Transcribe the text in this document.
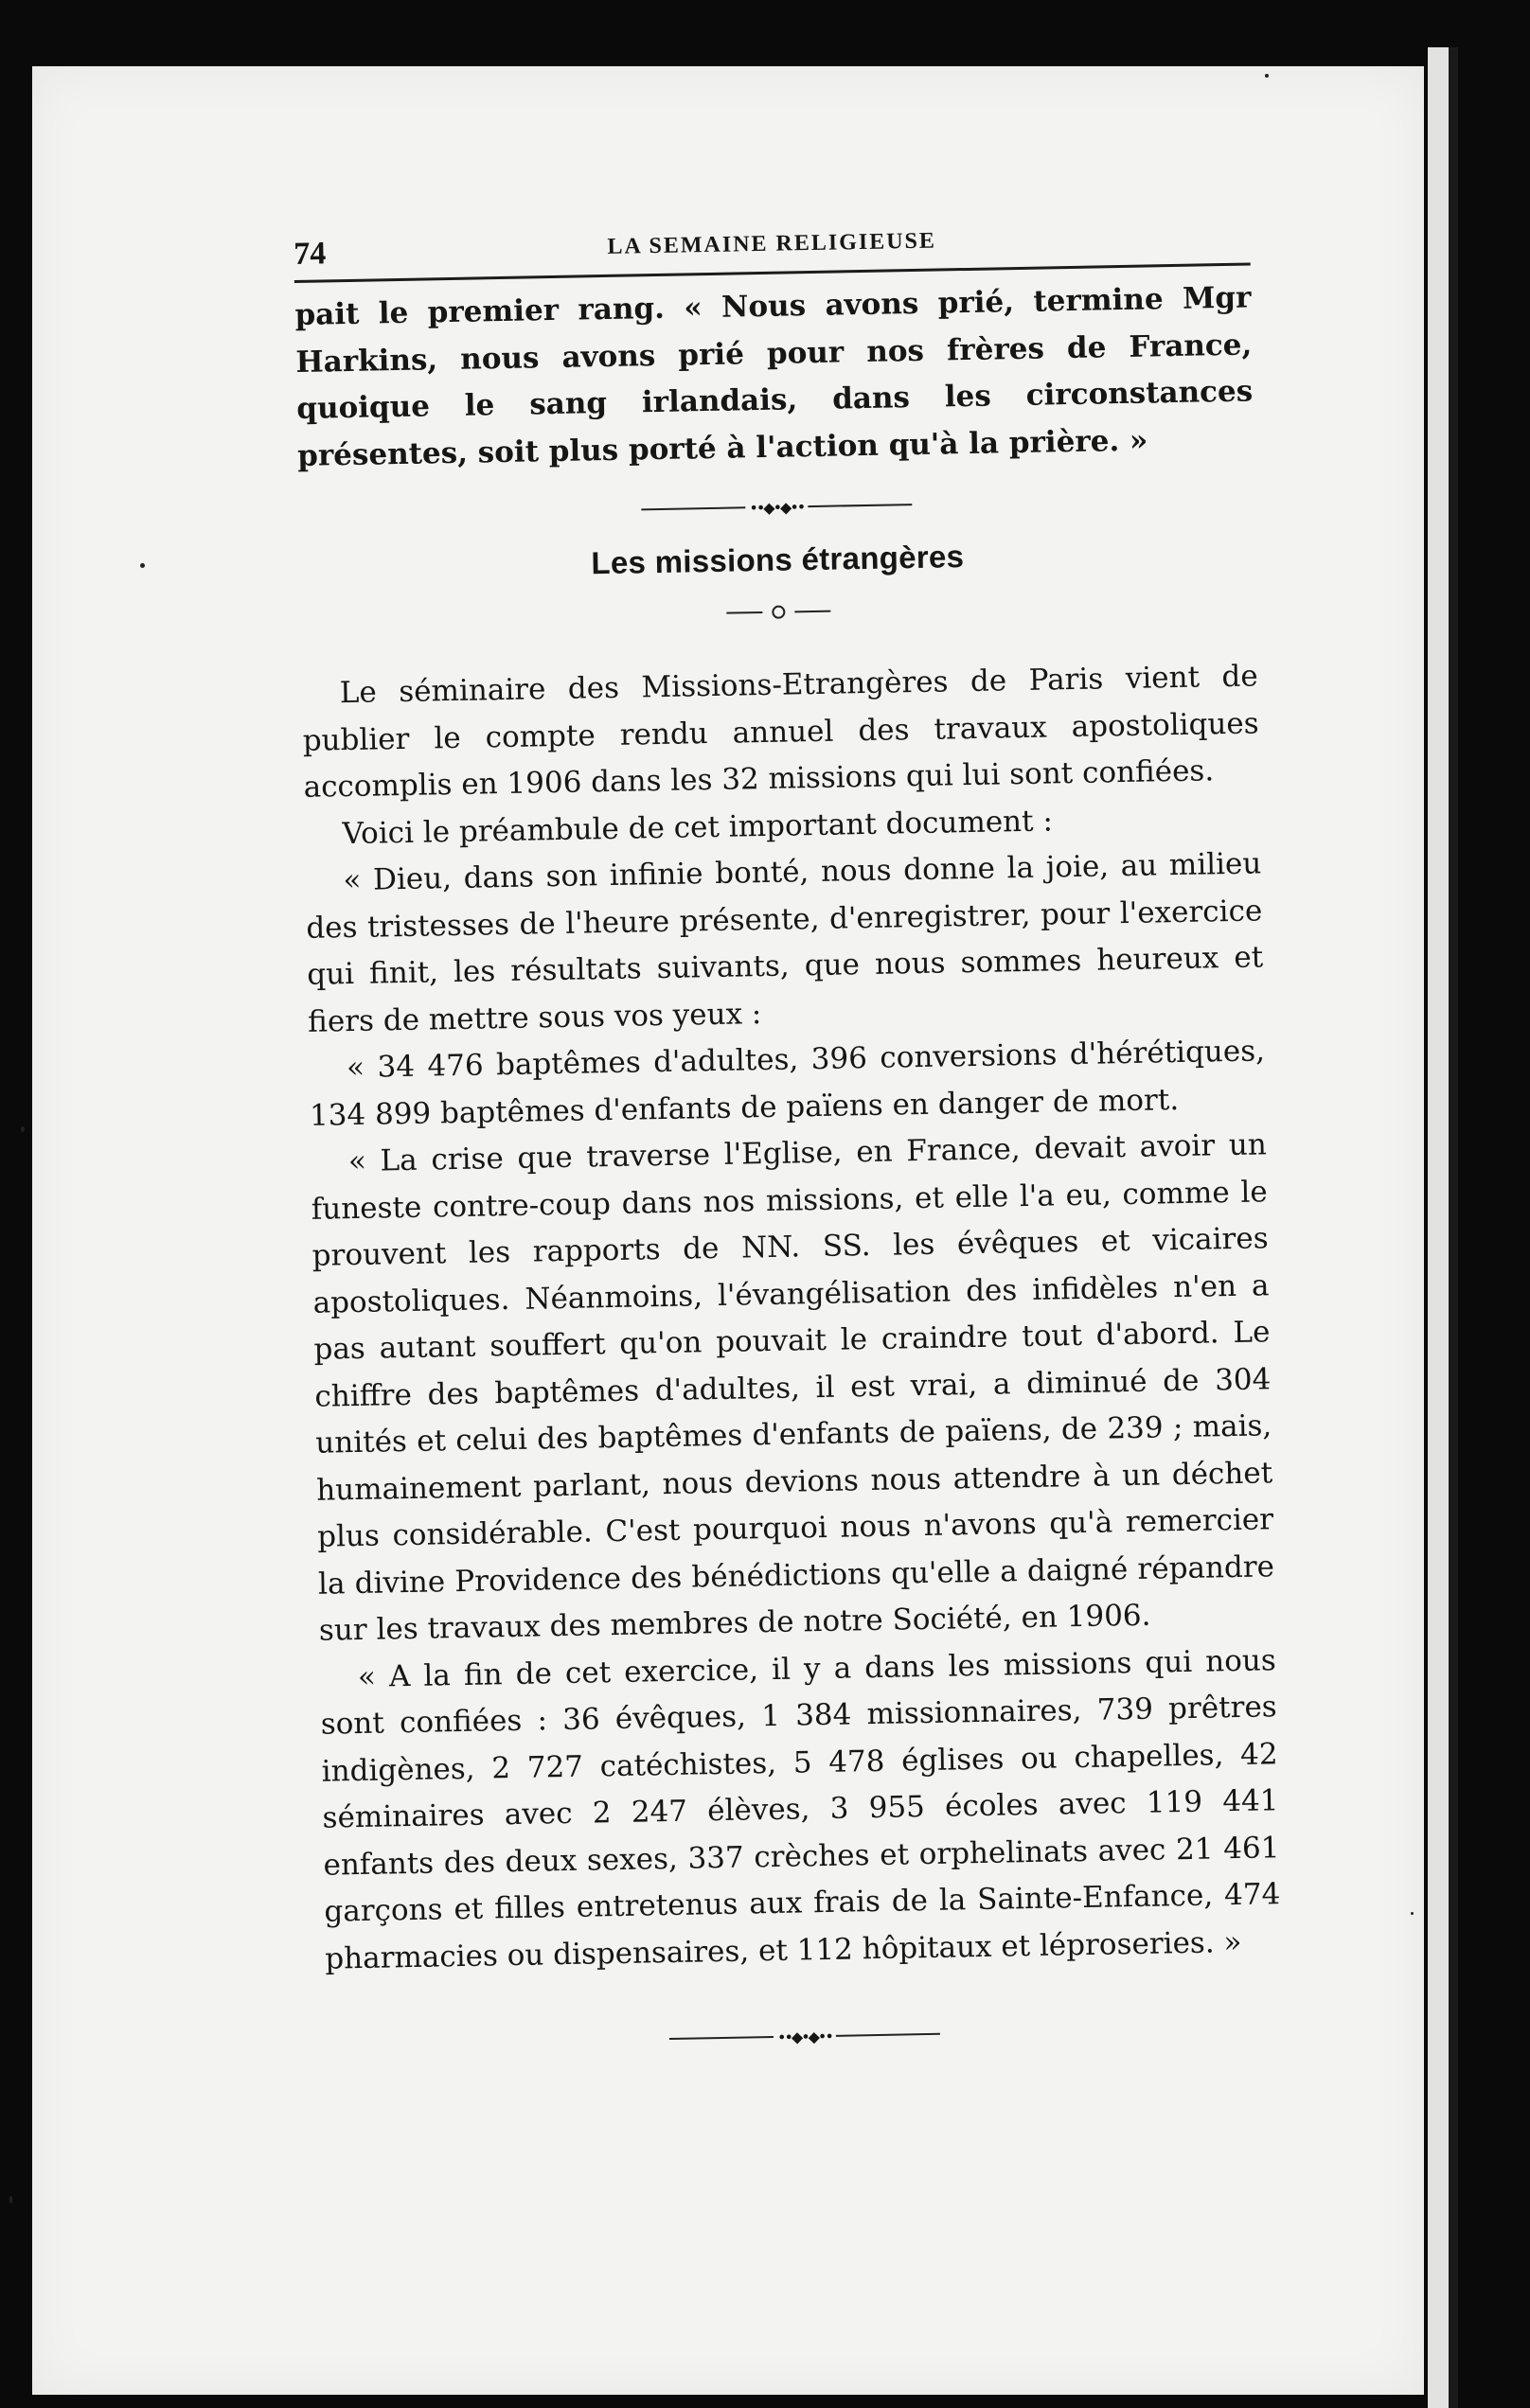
74	LA SEMAINE RELIGIEUSE

pait le premier rang. « Nous avons prié, termine Mgr Harkins, nous avons prié pour nos frères de France, quoique le sang irlandais, dans les circonstances présentes, soit plus porté à l'action qu'à la prière. »

••◆•◆••
Les missions étrangères

Le séminaire des Missions-Etrangères de Paris vient de publier le compte rendu annuel des travaux apostoliques accomplis en 1906 dans les 32 missions qui lui sont confiées.

Voici le préambule de cet important document :

« Dieu, dans son infinie bonté, nous donne la joie, au milieu des tristesses de l'heure présente, d'enregistrer, pour l'exercice qui finit, les résultats suivants, que nous sommes heureux et fiers de mettre sous vos yeux :

« 34 476 baptêmes d'adultes, 396 conversions d'hérétiques, 134 899 baptêmes d'enfants de païens en danger de mort.

« La crise que traverse l'Eglise, en France, devait avoir un funeste contre-coup dans nos missions, et elle l'a eu, comme le prouvent les rapports de NN. SS. les évêques et vicaires apostoliques. Néanmoins, l'évangélisation des infidèles n'en a pas autant souffert qu'on pouvait le craindre tout d'abord. Le chiffre des baptêmes d'adultes, il est vrai, a diminué de 304 unités et celui des baptêmes d'enfants de païens, de 239 ; mais, humainement parlant, nous devions nous attendre à un déchet plus considérable. C'est pourquoi nous n'avons qu'à remercier la divine Providence des bénédictions qu'elle a daigné répandre sur les travaux des membres de notre Société, en 1906.

« A la fin de cet exercice, il y a dans les missions qui nous sont confiées : 36 évêques, 1 384 missionnaires, 739 prêtres indigènes, 2 727 catéchistes, 5 478 églises ou chapelles, 42 séminaires avec 2 247 élèves, 3 955 écoles avec 119 441 enfants des deux sexes, 337 crèches et orphelinats avec 21 461 garçons et filles entretenus aux frais de la Sainte-Enfance, 474 pharmacies ou dispensaires, et 112 hôpitaux et léproseries. »

••◆•◆••
